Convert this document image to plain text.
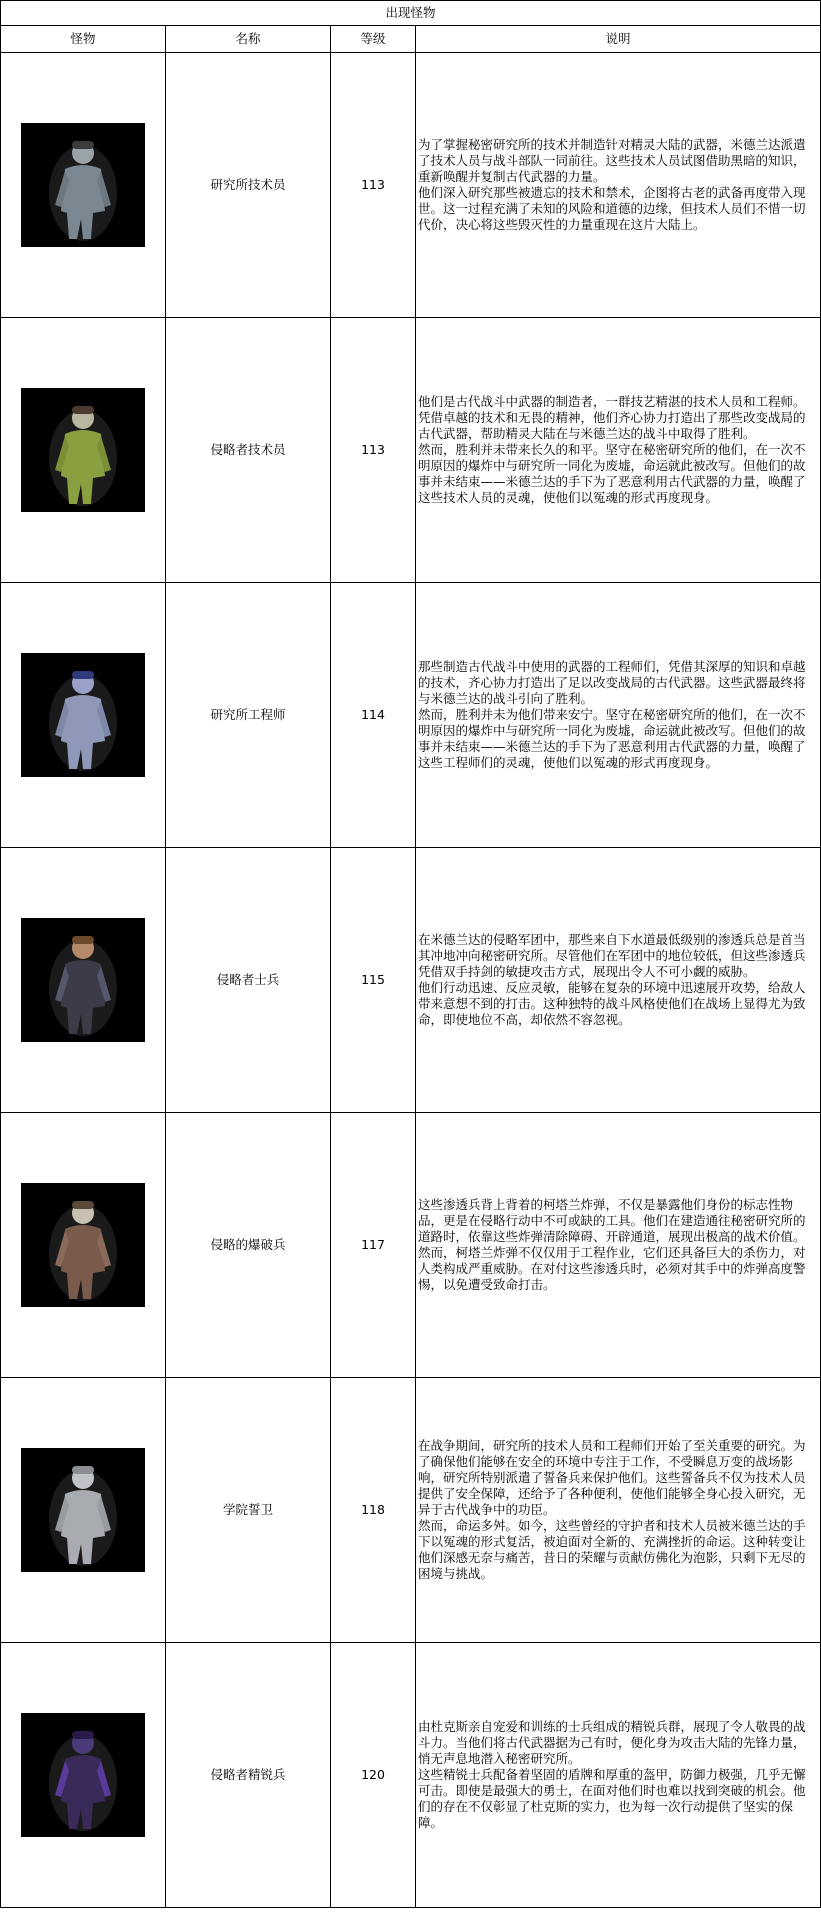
出现怪物			
怪物	名称	等级	说明

	研究所技术员	113	为了掌握秘密研究所的技术并制造针对精灵大陆的武器，米德兰达派遣了技术人员与战斗部队一同前往。这些技术人员试图借助黑暗的知识，重新唤醒并复制古代武器的力量。
他们深入研究那些被遗忘的技术和禁术，企图将古老的武备再度带入现世。这一过程充满了未知的风险和道德的边缘，但技术人员们不惜一切代价，决心将这些毁灭性的力量重现在这片大陆上。

	侵略者技术员	113	他们是古代战斗中武器的制造者，一群技艺精湛的技术人员和工程师。凭借卓越的技术和无畏的精神，他们齐心协力打造出了那些改变战局的古代武器，帮助精灵大陆在与米德兰达的战斗中取得了胜利。
然而，胜利并未带来长久的和平。坚守在秘密研究所的他们，在一次不明原因的爆炸中与研究所一同化为废墟，命运就此被改写。但他们的故事并未结束——米德兰达的手下为了恶意利用古代武器的力量，唤醒了这些技术人员的灵魂，使他们以冤魂的形式再度现身。

	研究所工程师	114	那些制造古代战斗中使用的武器的工程师们，凭借其深厚的知识和卓越的技术，齐心协力打造出了足以改变战局的古代武器。这些武器最终将与米德兰达的战斗引向了胜利。
然而，胜利并未为他们带来安宁。坚守在秘密研究所的他们，在一次不明原因的爆炸中与研究所一同化为废墟，命运就此被改写。但他们的故事并未结束——米德兰达的手下为了恶意利用古代武器的力量，唤醒了这些工程师们的灵魂，使他们以冤魂的形式再度现身。

	侵略者士兵	115	在米德兰达的侵略军团中，那些来自下水道最低级别的渗透兵总是首当其冲地冲向秘密研究所。尽管他们在军团中的地位较低，但这些渗透兵凭借双手持剑的敏捷攻击方式，展现出令人不可小觑的威胁。
他们行动迅速、反应灵敏，能够在复杂的环境中迅速展开攻势，给敌人带来意想不到的打击。这种独特的战斗风格使他们在战场上显得尤为致命，即使地位不高，却依然不容忽视。

	侵略的爆破兵	117	这些渗透兵背上背着的柯塔兰炸弹，不仅是暴露他们身份的标志性物品，更是在侵略行动中不可或缺的工具。他们在建造通往秘密研究所的道路时，依靠这些炸弹清除障碍、开辟通道，展现出极高的战术价值。
然而，柯塔兰炸弹不仅仅用于工程作业，它们还具备巨大的杀伤力，对人类构成严重威胁。在对付这些渗透兵时，必须对其手中的炸弹高度警惕，以免遭受致命打击。

	学院誓卫	118	在战争期间，研究所的技术人员和工程师们开始了至关重要的研究。为了确保他们能够在安全的环境中专注于工作，不受瞬息万变的战场影响，研究所特别派遣了誓备兵来保护他们。这些誓备兵不仅为技术人员提供了安全保障，还给予了各种便利，使他们能够全身心投入研究，无异于古代战争中的功臣。
然而，命运多舛。如今，这些曾经的守护者和技术人员被米德兰达的手下以冤魂的形式复活，被迫面对全新的、充满挫折的命运。这种转变让他们深感无奈与痛苦，昔日的荣耀与贡献仿佛化为泡影，只剩下无尽的困境与挑战。

	侵略者精锐兵	120	由杜克斯亲自宠爱和训练的士兵组成的精锐兵群，展现了令人敬畏的战斗力。当他们将古代武器据为己有时，便化身为攻击大陆的先锋力量，悄无声息地潜入秘密研究所。
这些精锐士兵配备着坚固的盾牌和厚重的盔甲，防御力极强，几乎无懈可击。即使是最强大的勇士，在面对他们时也难以找到突破的机会。他们的存在不仅彰显了杜克斯的实力，也为每一次行动提供了坚实的保障。
